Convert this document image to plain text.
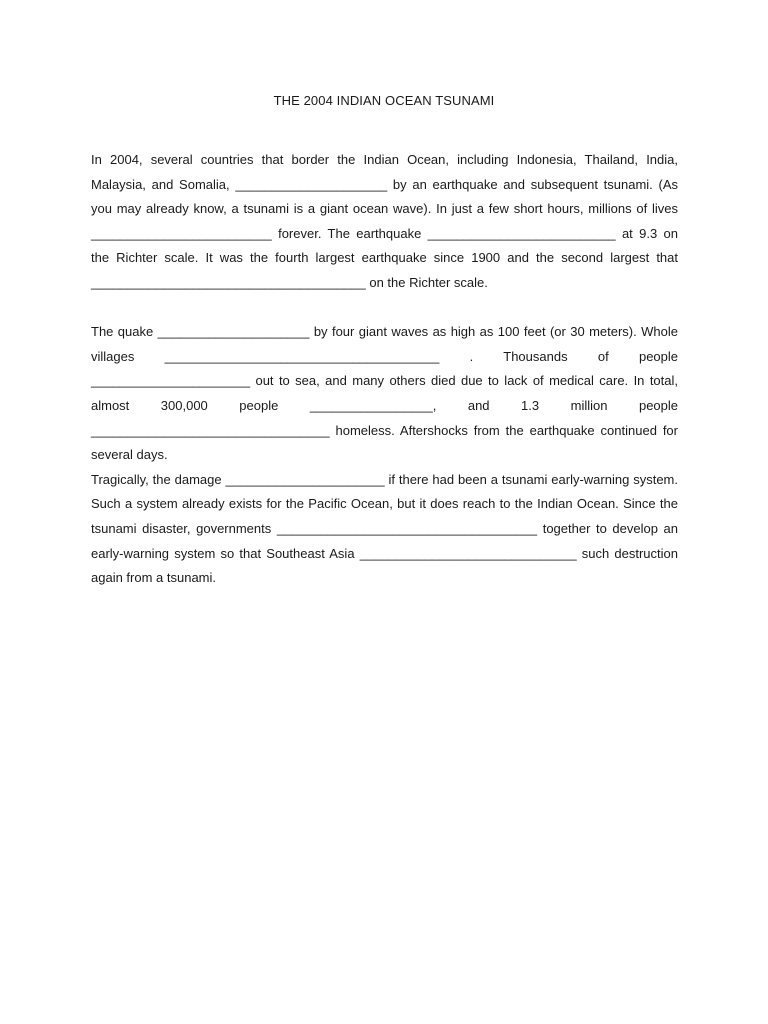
THE 2004 INDIAN OCEAN TSUNAMI

In 2004, several countries that border the Indian Ocean, including Indonesia, Thailand, India, Malaysia, and Somalia, _____________________ by an earthquake and subsequent tsunami. (As you may already know, a tsunami is a giant ocean wave). In just a few short hours, millions of lives _________________________ forever. The earthquake __________________________ at 9.3 on the Richter scale. It was the fourth largest earthquake since 1900 and the second largest that ______________________________________ on the Richter scale.

The quake _____________________ by four giant waves as high as 100 feet (or 30 meters). Whole villages ______________________________________ . Thousands of people ______________________ out to sea, and many others died due to lack of medical care. In total, almost 300,000 people _________________, and 1.3 million people _________________________________ homeless. Aftershocks from the earthquake continued for several days.

Tragically, the damage ______________________ if there had been a tsunami early-warning system. Such a system already exists for the Pacific Ocean, but it does reach to the Indian Ocean. Since the tsunami disaster, governments ____________________________________ together to develop an early-warning system so that Southeast Asia ______________________________ such destruction again from a tsunami.
